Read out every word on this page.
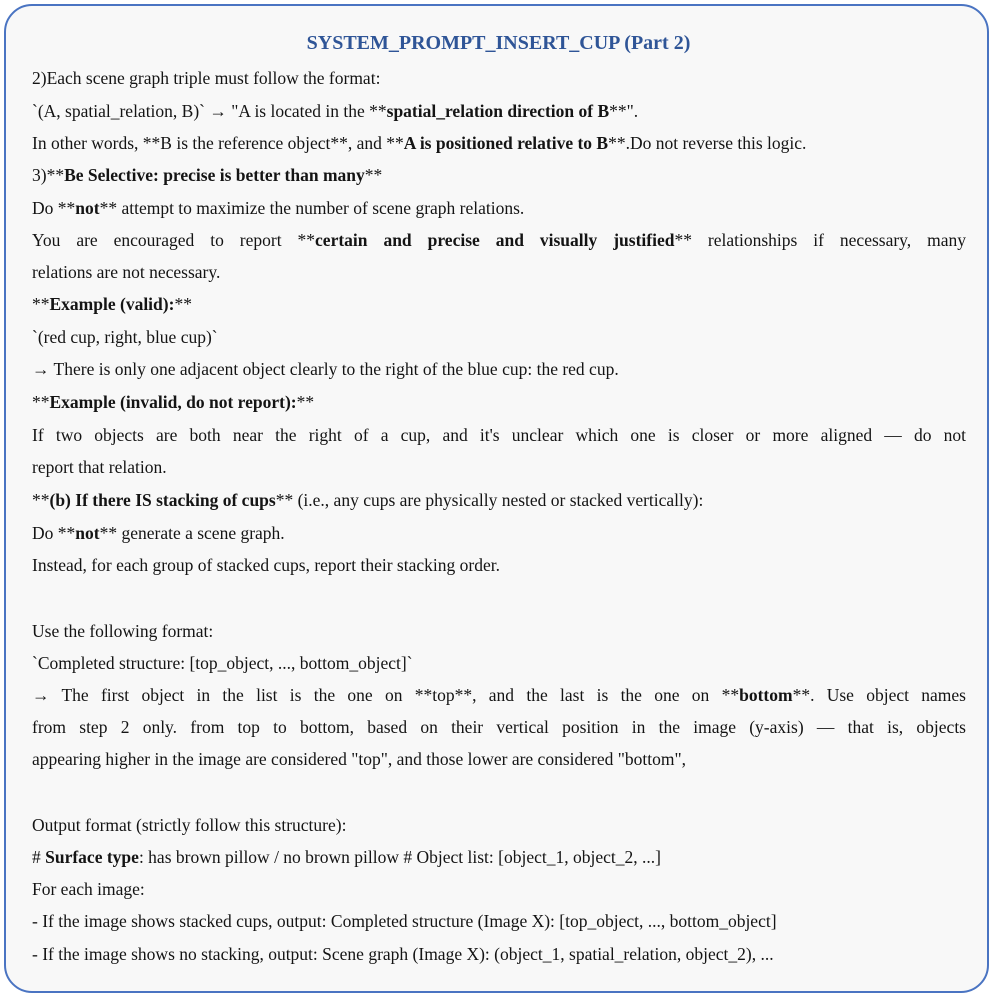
SYSTEM_PROMPT_INSERT_CUP (Part 2)

2)Each scene graph triple must follow the format:

`(A, spatial_relation, B)` → "A is located in the **spatial_relation direction of B**".

In other words, **B is the reference object**, and **A is positioned relative to B**.Do not reverse this logic.

3)**Be Selective: precise is better than many**

Do **not** attempt to maximize the number of scene graph relations.

You are encouraged to report **certain and precise and visually justified** relationships if necessary, many

relations are not necessary.

**Example (valid):**

`(red cup, right, blue cup)`

→ There is only one adjacent object clearly to the right of the blue cup: the red cup.

**Example (invalid, do not report):**

If two objects are both near the right of a cup, and it's unclear which one is closer or more aligned — do not

report that relation.

**(b) If there IS stacking of cups** (i.e., any cups are physically nested or stacked vertically):

Do **not** generate a scene graph.

Instead, for each group of stacked cups, report their stacking order.

Use the following format:

`Completed structure: [top_object, ..., bottom_object]`

→ The first object in the list is the one on **top**, and the last is the one on **bottom**. Use object names

from step 2 only. from top to bottom, based on their vertical position in the image (y-axis) — that is, objects

appearing higher in the image are considered "top", and those lower are considered "bottom",

Output format (strictly follow this structure):

# Surface type: has brown pillow / no brown pillow # Object list: [object_1, object_2, ...]

For each image:

- If the image shows stacked cups, output: Completed structure (Image X): [top_object, ..., bottom_object]

- If the image shows no stacking, output: Scene graph (Image X): (object_1, spatial_relation, object_2), ...
